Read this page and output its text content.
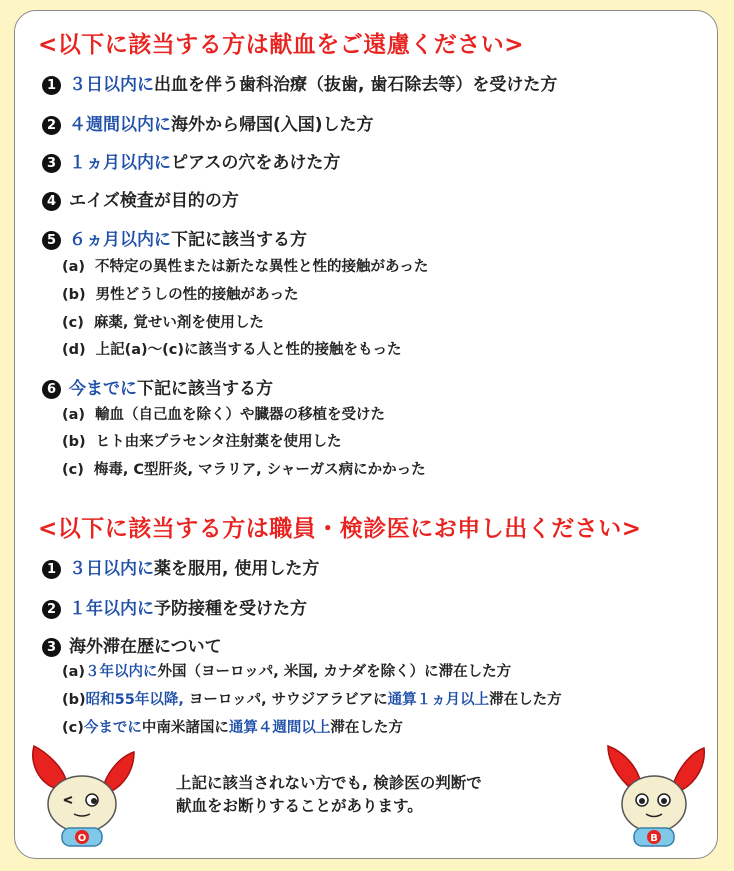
<以下に該当する方は献血をご遠慮ください>
1 ３日以内に出血を伴う歯科治療（抜歯, 歯石除去等）を受けた方
2 ４週間以内に海外から帰国(入国)した方
3 １ヵ月以内にピアスの穴をあけた方
4 エイズ検査が目的の方
5 ６ヵ月以内に下記に該当する方
(a) 不特定の異性または新たな異性と性的接触があった
(b) 男性どうしの性的接触があった
(c) 麻薬, 覚せい剤を使用した
(d) 上記(a)～(c)に該当する人と性的接触をもった
6 今までに下記に該当する方
(a) 輸血（自己血を除く）や臓器の移植を受けた
(b) ヒト由来プラセンタ注射薬を使用した
(c) 梅毒, C型肝炎, マラリア, シャーガス病にかかった
<以下に該当する方は職員・検診医にお申し出ください>
1 ３日以内に薬を服用, 使用した方
2 １年以内に予防接種を受けた方
3 海外滞在歴について
(a)３年以内に外国（ヨーロッパ, 米国, カナダを除く）に滞在した方
(b)昭和55年以降, ヨーロッパ, サウジアラビアに通算１ヵ月以上滞在した方
(c)今までに中南米諸国に通算４週間以上滞在した方
上記に該当されない方でも, 検診医の判断で
献血をお断りすることがあります。
O	B
